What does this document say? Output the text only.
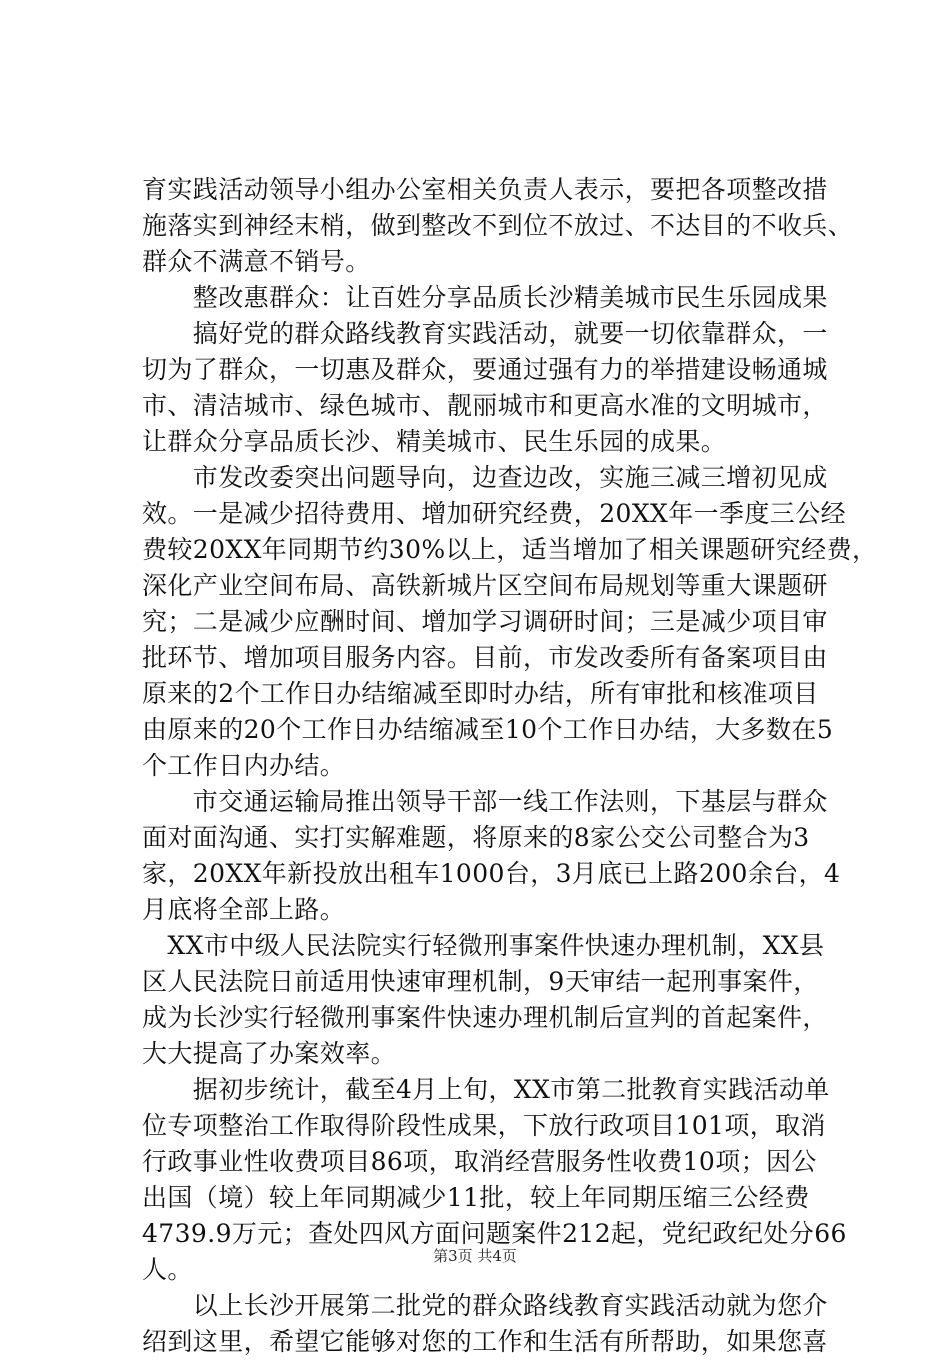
育实践活动领导小组办公室相关负责人表示，要把各项整改措
施落实到神经末梢，做到整改不到位不放过、不达目的不收兵、
群众不满意不销号。
　　整改惠群众：让百姓分享品质长沙精美城市民生乐园成果
　　搞好党的群众路线教育实践活动，就要一切依靠群众，一
切为了群众，一切惠及群众，要通过强有力的举措建设畅通城
市、清洁城市、绿色城市、靓丽城市和更高水准的文明城市，
让群众分享品质长沙、精美城市、民生乐园的成果。
　　市发改委突出问题导向，边查边改，实施三减三增初见成
效。一是减少招待费用、增加研究经费，20XX年一季度三公经
费较20XX年同期节约30%以上，适当增加了相关课题研究经费，
深化产业空间布局、高铁新城片区空间布局规划等重大课题研
究；二是减少应酬时间、增加学习调研时间；三是减少项目审
批环节、增加项目服务内容。目前，市发改委所有备案项目由
原来的2个工作日办结缩减至即时办结，所有审批和核准项目
由原来的20个工作日办结缩减至10个工作日办结，大多数在5
个工作日内办结。
　　市交通运输局推出领导干部一线工作法则，下基层与群众
面对面沟通、实打实解难题，将原来的8家公交公司整合为3
家，20XX年新投放出租车1000台，3月底已上路200余台，4
月底将全部上路。
　XX市中级人民法院实行轻微刑事案件快速办理机制，XX县
区人民法院日前适用快速审理机制，9天审结一起刑事案件，
成为长沙实行轻微刑事案件快速办理机制后宣判的首起案件，
大大提高了办案效率。
　　据初步统计，截至4月上旬，XX市第二批教育实践活动单
位专项整治工作取得阶段性成果，下放行政项目101项，取消
行政事业性收费项目86项，取消经营服务性收费10项；因公
出国（境）较上年同期减少11批，较上年同期压缩三公经费
4739.9万元；查处四风方面问题案件212起，党纪政纪处分66
人。
　　以上长沙开展第二批党的群众路线教育实践活动就为您介
绍到这里，希望它能够对您的工作和生活有所帮助，如果您喜
第3页 共4页
